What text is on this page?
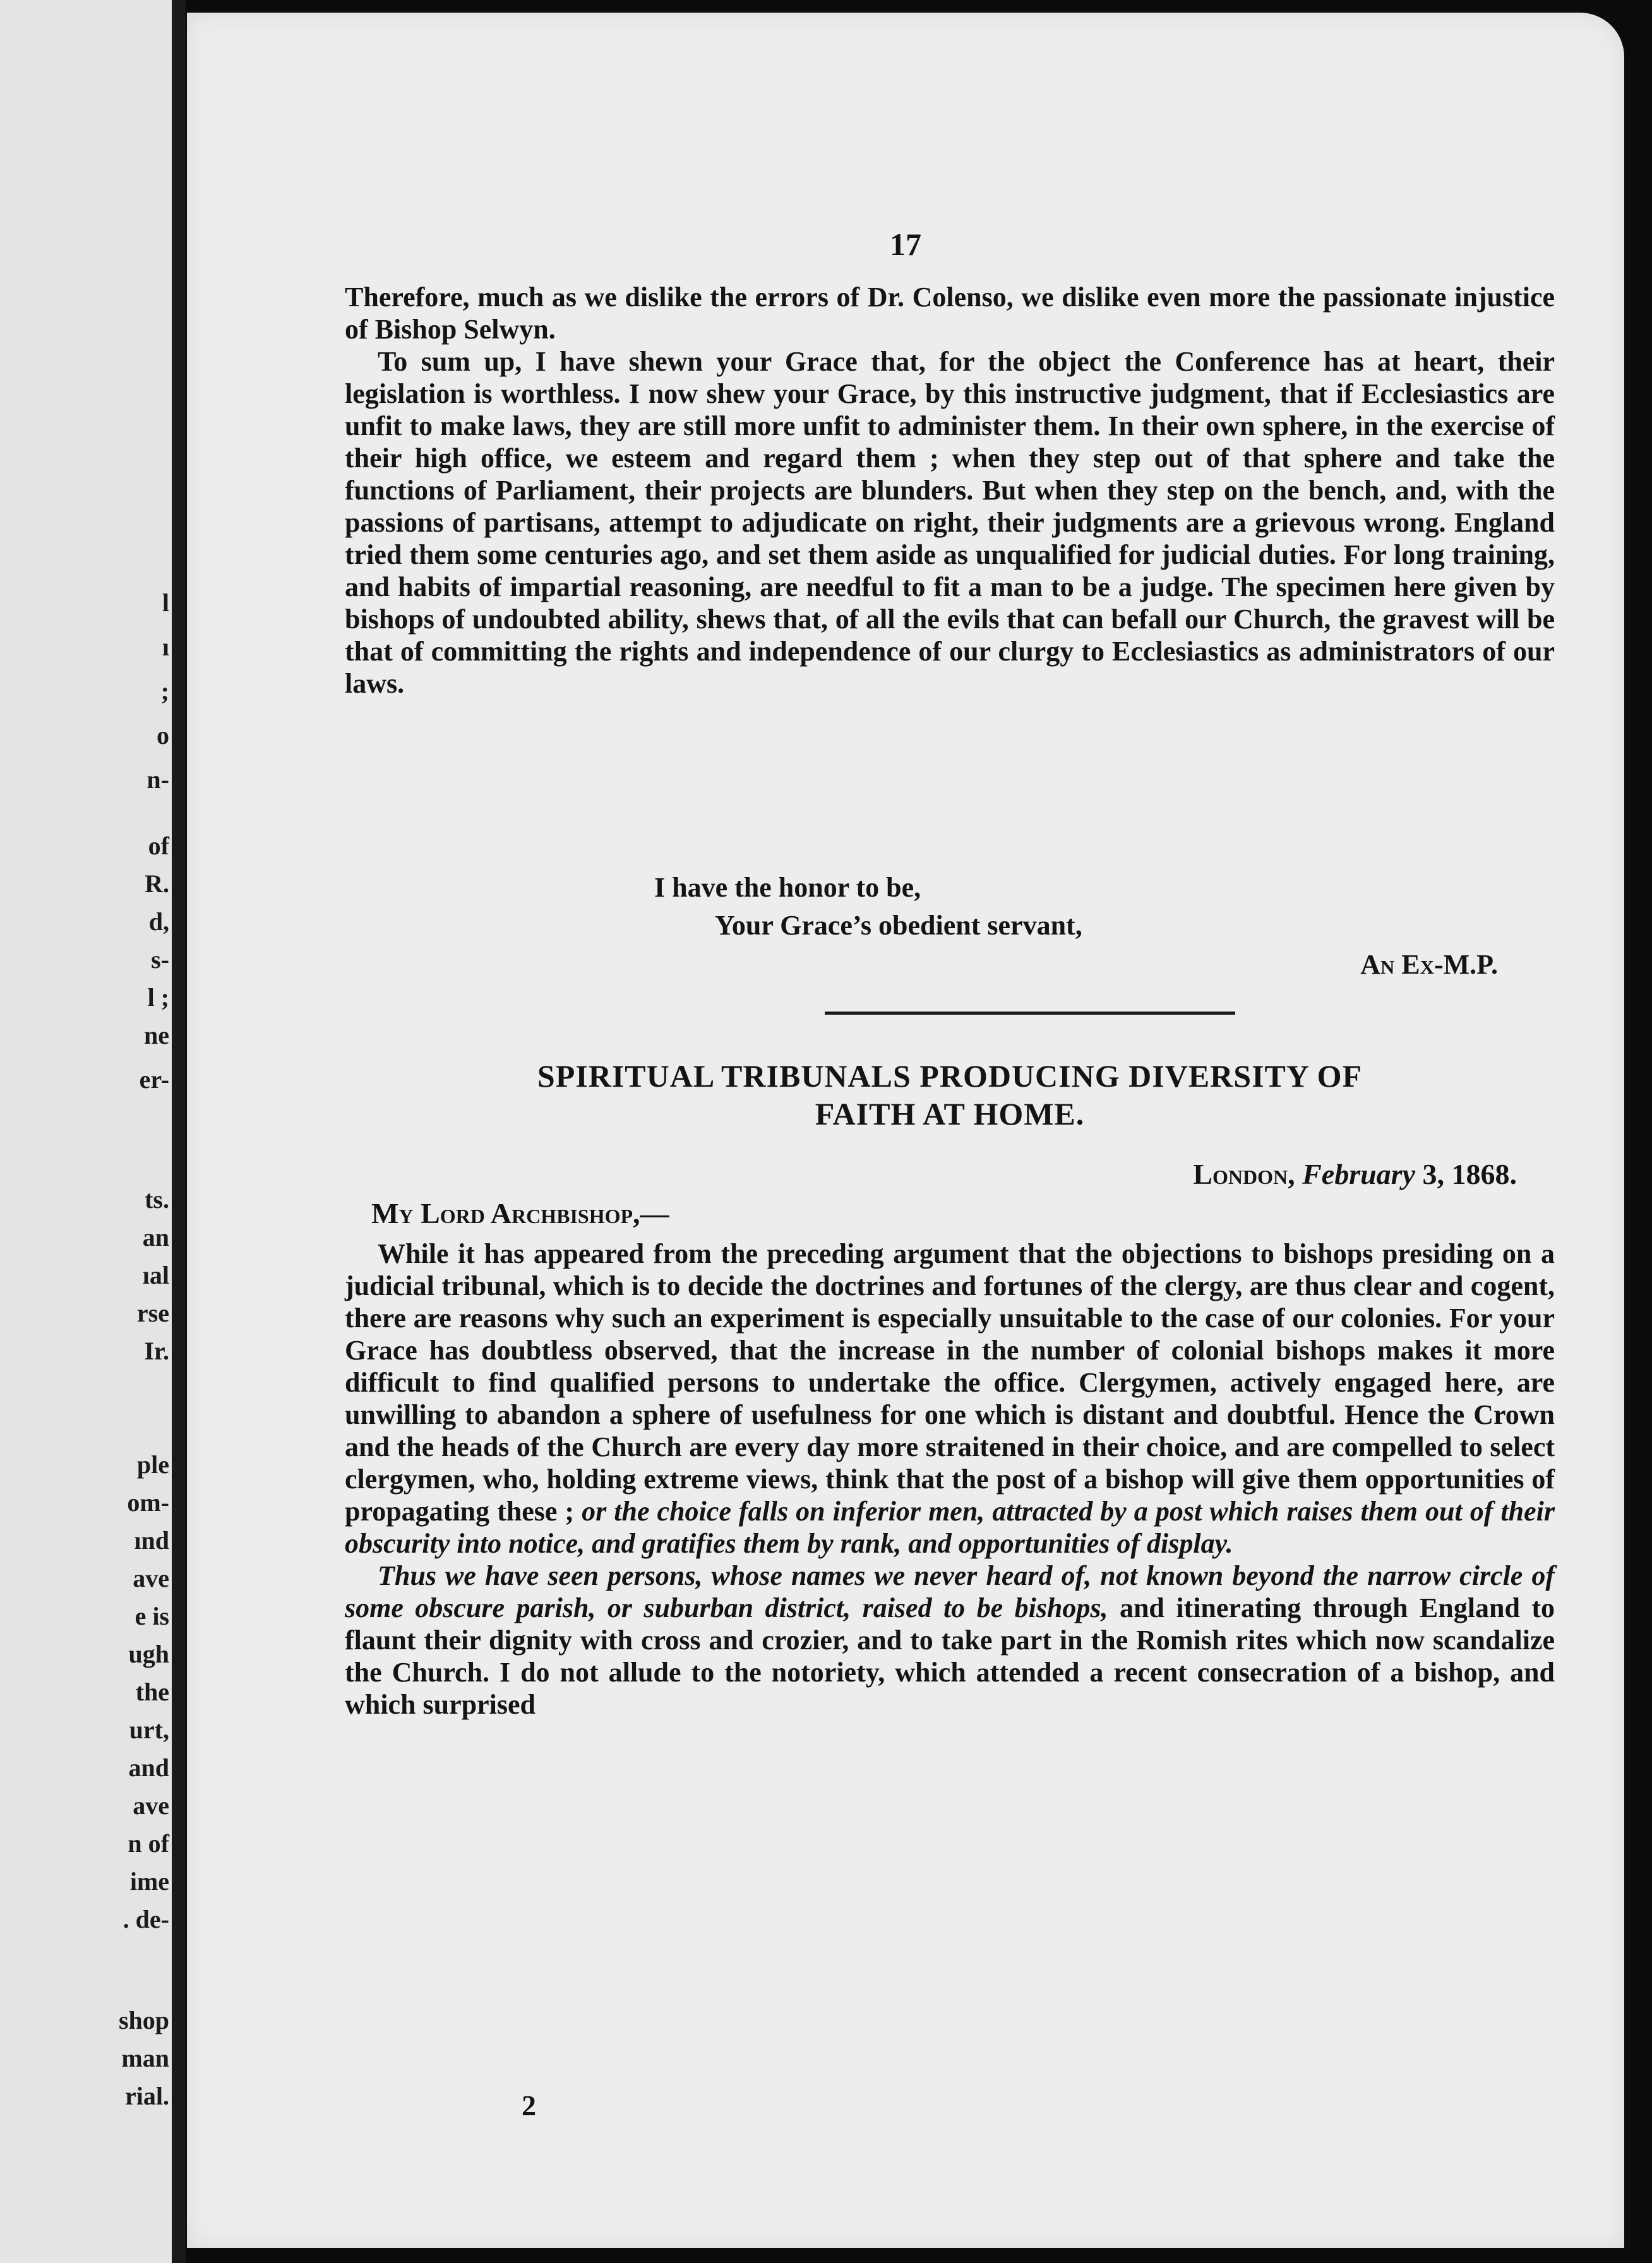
l
ı
;
o
n-
of
R.
d,
s-
l ;
ne
er-
ts.
an
ıal
rse
Ir.
ple
om-
ınd
ave
e is
ugh
the
urt,
and
ave
n of
ime
. de-
shop
man
rial.
17

Therefore, much as we dislike the errors of Dr. Colenso, we dislike even more the passionate injustice of Bishop Selwyn.

To sum up, I have shewn your Grace that, for the object the Conference has at heart, their legislation is worthless. I now shew your Grace, by this instructive judgment, that if Ecclesiastics are unfit to make laws, they are still more unfit to administer them. In their own sphere, in the exercise of their high office, we esteem and regard them ; when they step out of that sphere and take the functions of Parliament, their projects are blunders. But when they step on the bench, and, with the passions of partisans, attempt to adjudicate on right, their judgments are a grievous wrong. England tried them some centuries ago, and set them aside as unqualified for judicial duties. For long training, and habits of impartial reasoning, are needful to fit a man to be a judge. The specimen here given by bishops of undoubted ability, shews that, of all the evils that can befall our Church, the gravest will be that of committing the rights and independence of our clurgy to Ecclesiastics as administrators of our laws.

I have the honor to be,
Your Grace’s obedient servant,
An Ex-M.P.
SPIRITUAL TRIBUNALS PRODUCING DIVERSITY OF
FAITH AT HOME.
London, February 3, 1868.
My Lord Archbishop,—

While it has appeared from the preceding argument that the objections to bishops presiding on a judicial tribunal, which is to decide the doctrines and fortunes of the clergy, are thus clear and cogent, there are reasons why such an experiment is especially unsuitable to the case of our colonies. For your Grace has doubtless observed, that the increase in the number of colonial bishops makes it more difficult to find qualified persons to undertake the office. Clergymen, actively engaged here, are unwilling to abandon a sphere of usefulness for one which is distant and doubtful. Hence the Crown and the heads of the Church are every day more straitened in their choice, and are compelled to select clergymen, who, holding extreme views, think that the post of a bishop will give them opportunities of propagating these ; or the choice falls on inferior men, attracted by a post which raises them out of their obscurity into notice, and gratifies them by rank, and opportunities of display.

Thus we have seen persons, whose names we never heard of, not known beyond the narrow circle of some obscure parish, or suburban district, raised to be bishops, and itinerating through England to flaunt their dignity with cross and crozier, and to take part in the Romish rites which now scandalize the Church. I do not allude to the notoriety, which attended a recent consecration of a bishop, and which surprised

2
